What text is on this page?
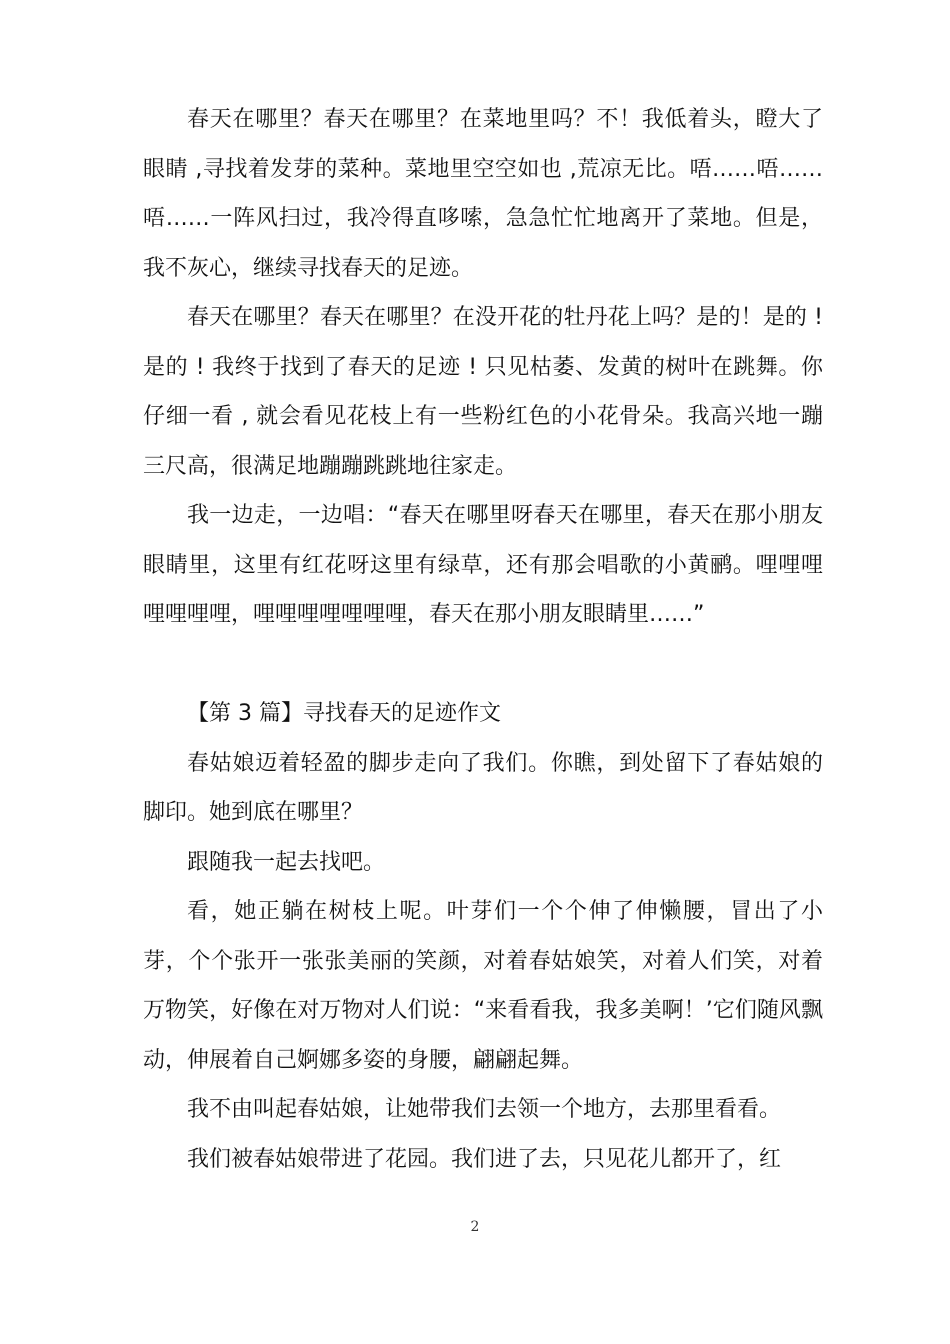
春天在哪里？春天在哪里？在菜地里吗？不！我低着头，瞪大了眼睛 ,寻找着发芽的菜种。菜地里空空如也 ,荒凉无比。唔……唔……唔……一阵风扫过，我冷得直哆嗦，急急忙忙地离开了菜地。但是，我不灰心，继续寻找春天的足迹。

春天在哪里？春天在哪里？在没开花的牡丹花上吗？是的！是的 ! 是的 ! 我终于找到了春天的足迹 ! 只见枯萎、发黄的树叶在跳舞。你仔细一看 , 就会看见花枝上有一些粉红色的小花骨朵。我高兴地一蹦三尺高，很满足地蹦蹦跳跳地往家走。

我一边走，一边唱：“春天在哪里呀春天在哪里，春天在那小朋友眼睛里，这里有红花呀这里有绿草，还有那会唱歌的小黄鹂。哩哩哩哩哩哩哩，哩哩哩哩哩哩哩，春天在那小朋友眼睛里……”

【第 3 篇】寻找春天的足迹作文

春姑娘迈着轻盈的脚步走向了我们。你瞧，到处留下了春姑娘的脚印。她到底在哪里？

跟随我一起去找吧。

看，她正躺在树枝上呢。叶芽们一个个伸了伸懒腰，冒出了小芽，个个张开一张张美丽的笑颜，对着春姑娘笑，对着人们笑，对着万物笑，好像在对万物对人们说：“来看看我，我多美啊！’它们随风飘动，伸展着自己婀娜多姿的身腰，翩翩起舞。

我不由叫起春姑娘，让她带我们去领一个地方，去那里看看。

我们被春姑娘带进了花园。我们进了去，只见花儿都开了，红

2
